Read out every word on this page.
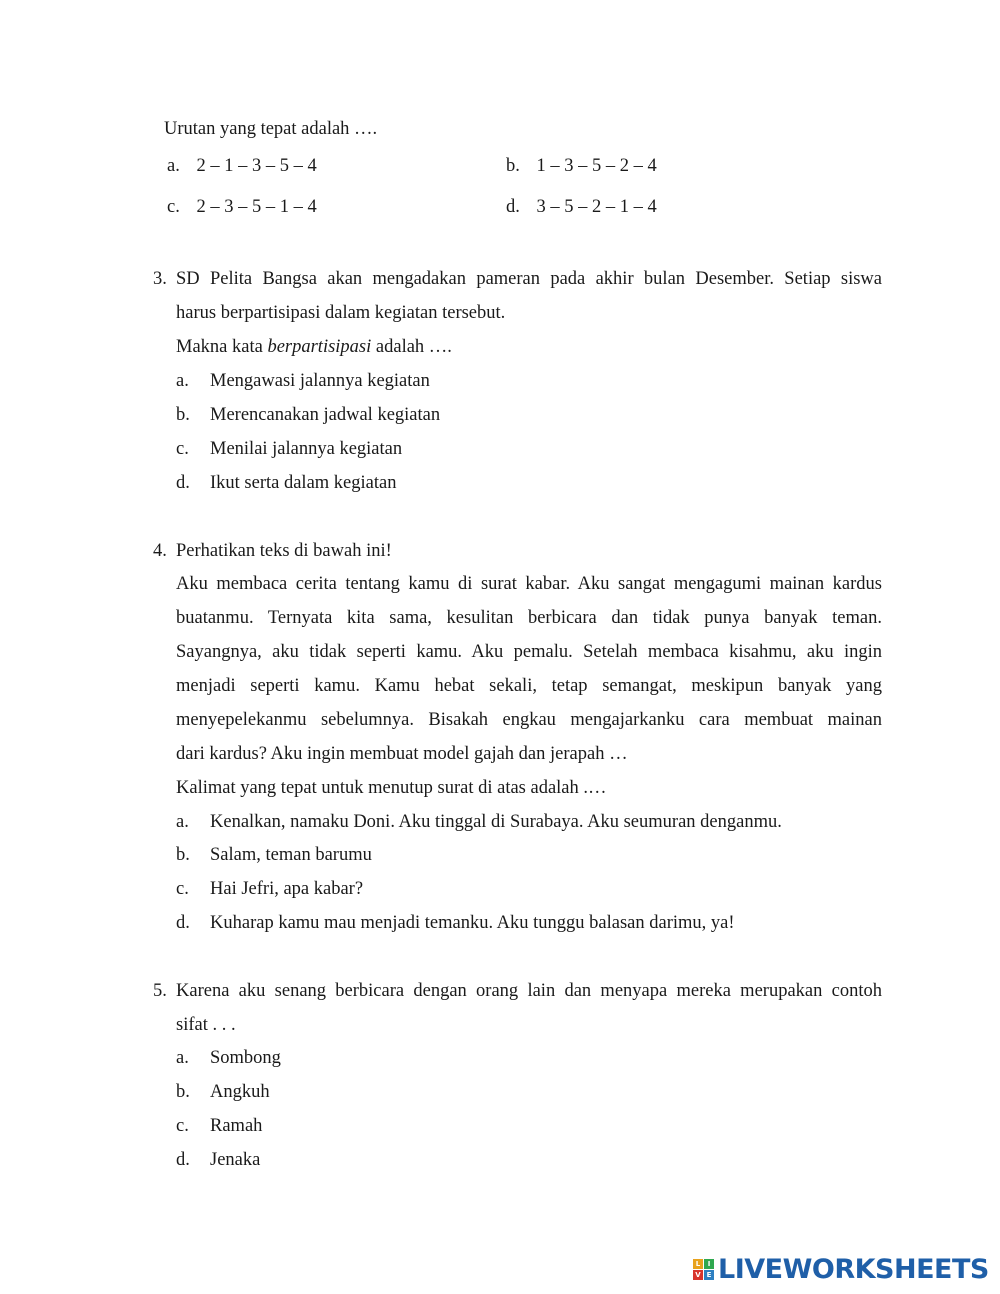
Urutan yang tepat adalah ….
a. 2 – 1 – 3 – 5 – 4	b. 1 – 3 – 5 – 2 – 4
c. 2 – 3 – 5 – 1 – 4	d. 3 – 5 – 2 – 1 – 4
3. SD Pelita Bangsa akan mengadakan pameran pada akhir bulan Desember. Setiap siswa
harus berpartisipasi dalam kegiatan tersebut.
Makna kata berpartisipasi adalah ….
a. Mengawasi jalannya kegiatan
b. Merencanakan jadwal kegiatan
c. Menilai jalannya kegiatan
d. Ikut serta dalam kegiatan
4. Perhatikan teks di bawah ini!
Aku membaca cerita tentang kamu di surat kabar. Aku sangat mengagumi mainan kardus
buatanmu. Ternyata kita sama, kesulitan berbicara dan tidak punya banyak teman.
Sayangnya, aku tidak seperti kamu. Aku pemalu. Setelah membaca kisahmu, aku ingin
menjadi seperti kamu. Kamu hebat sekali, tetap semangat, meskipun banyak yang
menyepelekanmu sebelumnya. Bisakah engkau mengajarkanku cara membuat mainan
dari kardus? Aku ingin membuat model gajah dan jerapah …
Kalimat yang tepat untuk menutup surat di atas adalah .…
a. Kenalkan, namaku Doni. Aku tinggal di Surabaya. Aku seumuran denganmu.
b. Salam, teman barumu
c. Hai Jefri, apa kabar?
d. Kuharap kamu mau menjadi temanku. Aku tunggu balasan darimu, ya!
5. Karena aku senang berbicara dengan orang lain dan menyapa mereka merupakan contoh
sifat . . .
a. Sombong
b. Angkuh
c. Ramah
d. Jenaka
L	I
V E LIVEWORKSHEETS
